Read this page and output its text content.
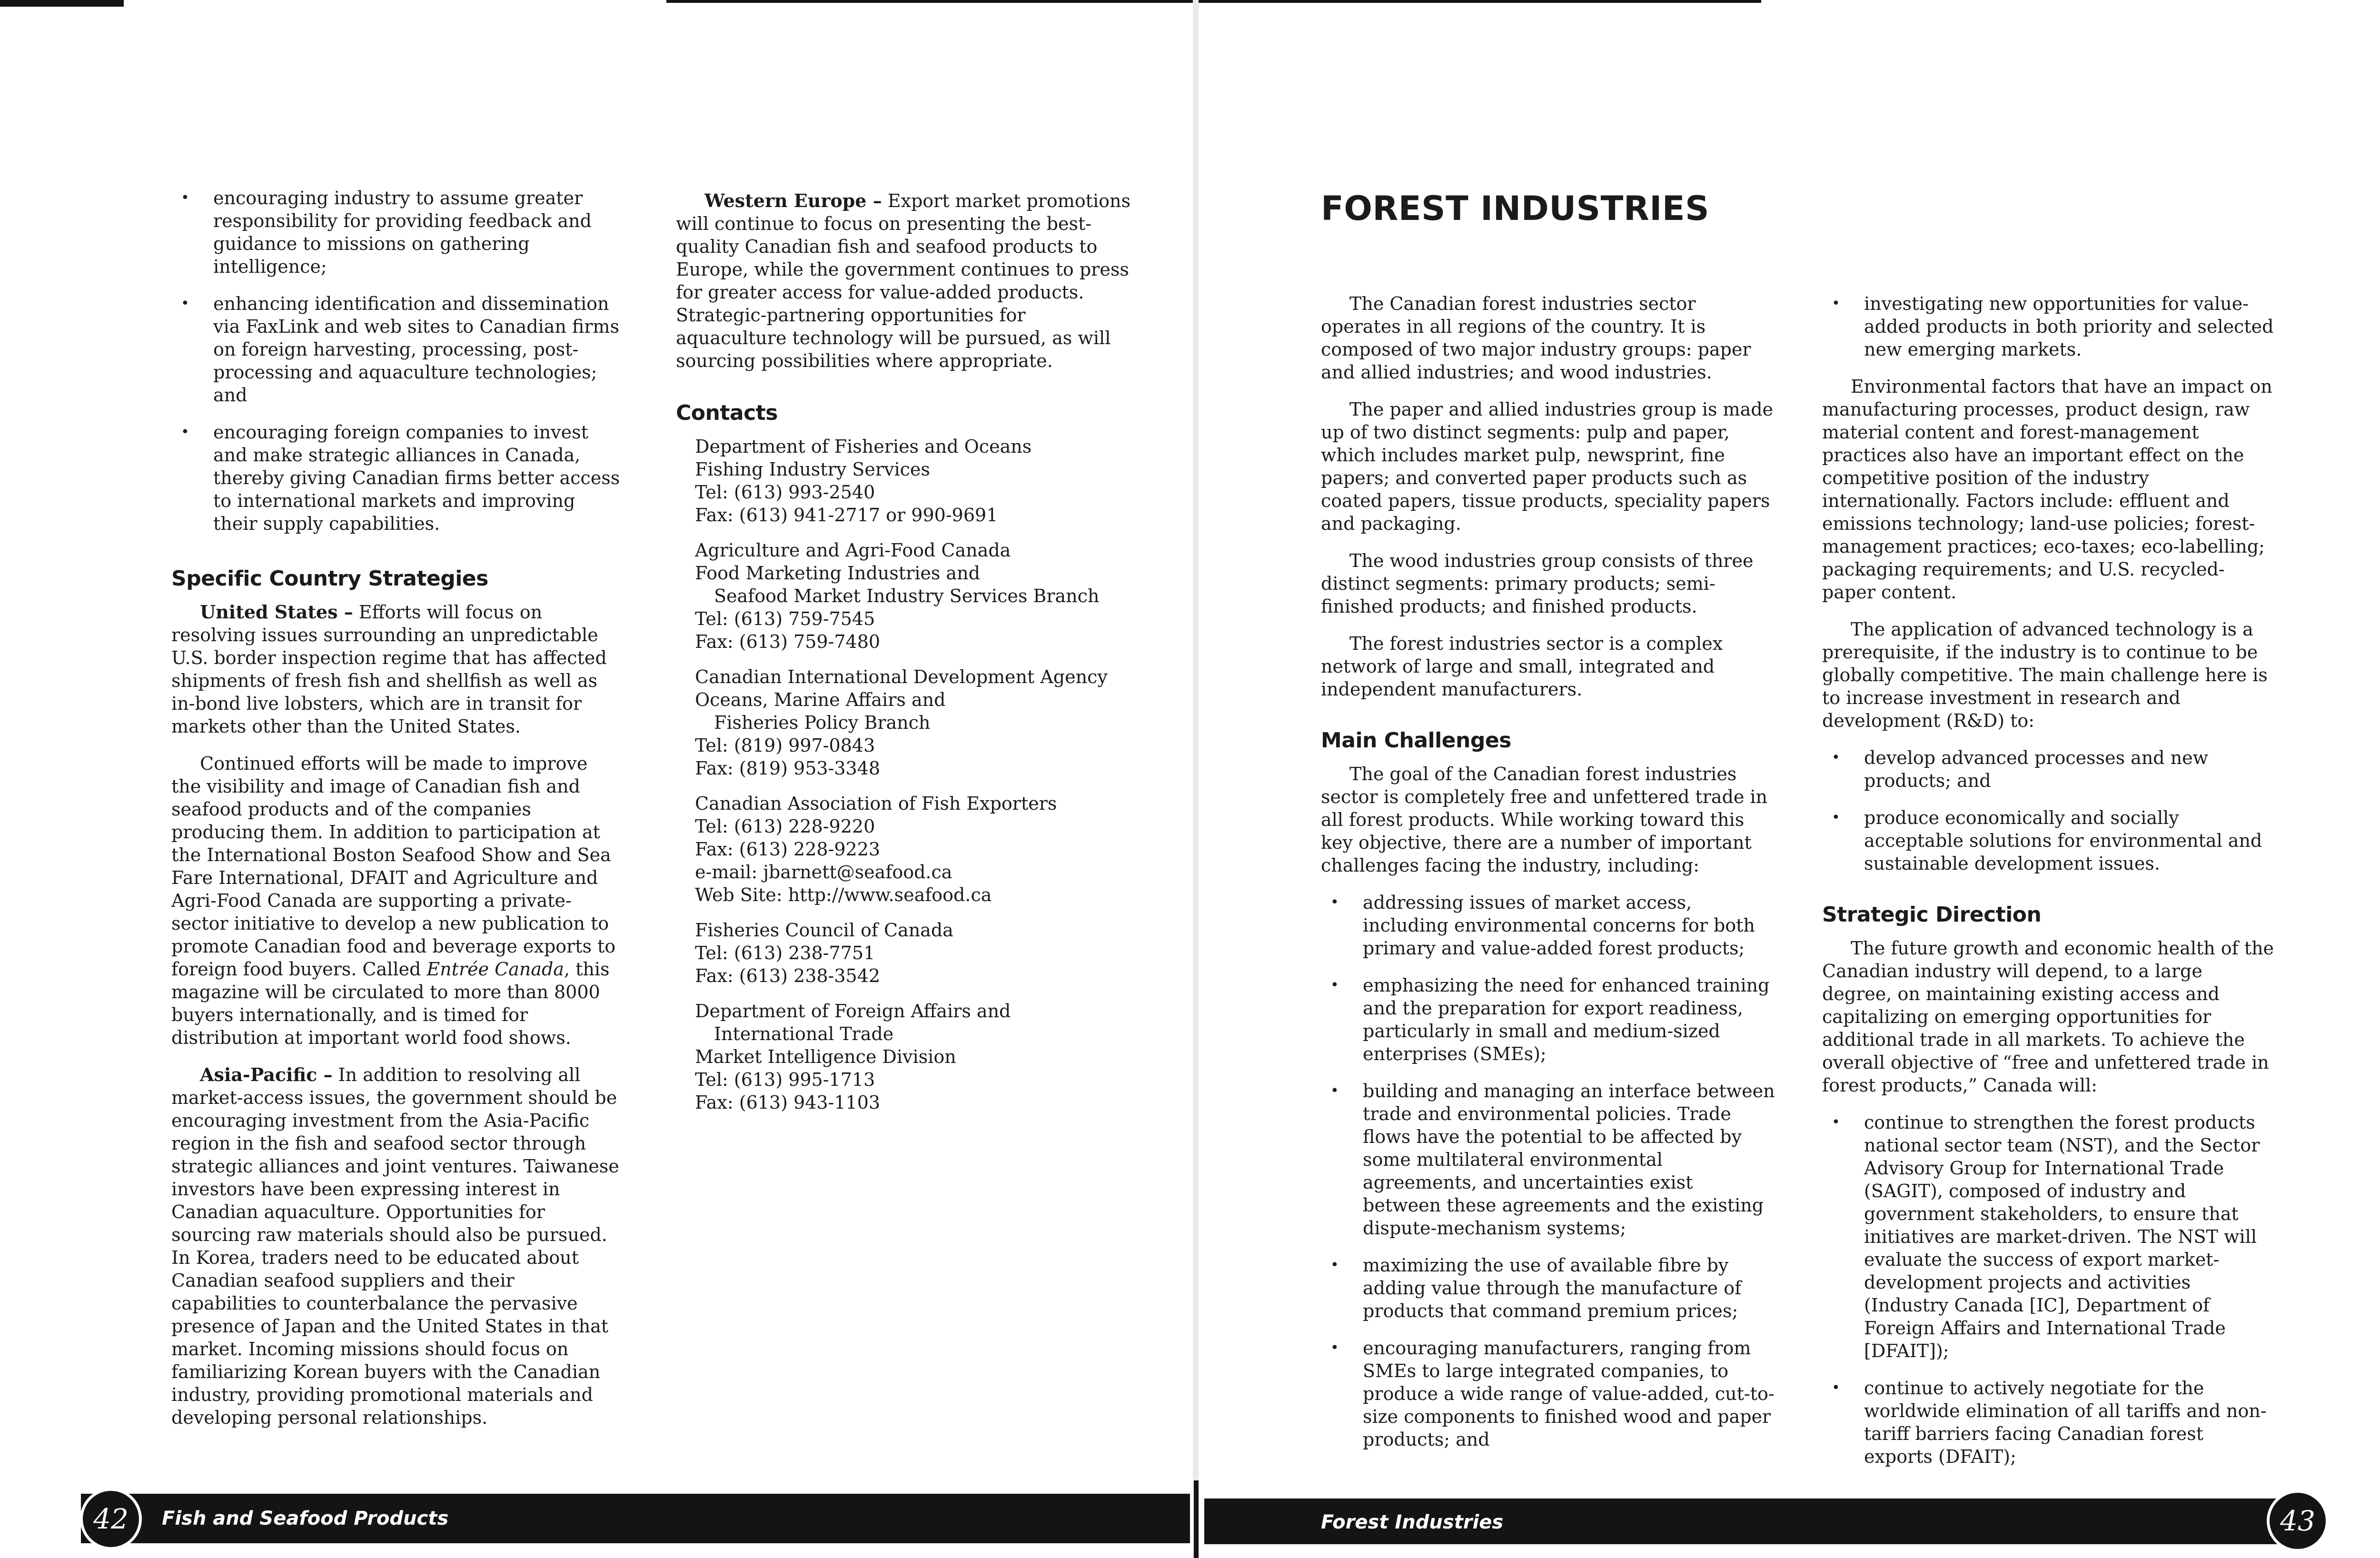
• encouraging industry to assume greater responsibility for providing feedback and guidance to missions on gathering intelligence;
• enhancing identification and dissemination via FaxLink and web sites to Canadian firms on foreign harvesting, processing, post-processing and aquaculture technologies; and
• encouraging foreign companies to invest and make strategic alliances in Canada, thereby giving Canadian firms better access to international markets and improving their supply capabilities.
Specific Country Strategies

United States – Efforts will focus on resolving issues surrounding an unpredictable U.S. border inspection regime that has affected shipments of fresh fish and shellfish as well as in-bond live lobsters, which are in transit for markets other than the United States.

Continued efforts will be made to improve the visibility and image of Canadian fish and seafood products and of the companies producing them. In addition to participation at the International Boston Seafood Show and Sea Fare International, DFAIT and Agriculture and Agri-Food Canada are supporting a private-sector initiative to develop a new publication to promote Canadian food and beverage exports to foreign food buyers. Called Entrée Canada, this magazine will be circulated to more than 8000 buyers internationally, and is timed for distribution at important world food shows.

Asia-Pacific – In addition to resolving all market-access issues, the government should be encouraging investment from the Asia-Pacific region in the fish and seafood sector through strategic alliances and joint ventures. Taiwanese investors have been expressing interest in Canadian aquaculture. Opportunities for sourcing raw materials should also be pursued. In Korea, traders need to be educated about Canadian seafood suppliers and their capabilities to counterbalance the pervasive presence of Japan and the United States in that market. Incoming missions should focus on familiarizing Korean buyers with the Canadian industry, providing promotional materials and developing personal relationships.

Western Europe – Export market promotions will continue to focus on presenting the best-quality Canadian fish and seafood products to Europe, while the government continues to press for greater access for value-added products. Strategic-partnering opportunities for aquaculture technology will be pursued, as will sourcing possibilities where appropriate.

Contacts
Department of Fisheries and Oceans
Fishing Industry Services
Tel: (613) 993-2540
Fax: (613) 941-2717 or 990-9691
Agriculture and Agri-Food Canada
Food Marketing Industries and
Seafood Market Industry Services Branch
Tel: (613) 759-7545
Fax: (613) 759-7480
Canadian International Development Agency
Oceans, Marine Affairs and
Fisheries Policy Branch
Tel: (819) 997-0843
Fax: (819) 953-3348
Canadian Association of Fish Exporters
Tel: (613) 228-9220
Fax: (613) 228-9223
e-mail: jbarnett@seafood.ca
Web Site: http://www.seafood.ca
Fisheries Council of Canada
Tel: (613) 238-7751
Fax: (613) 238-3542
Department of Foreign Affairs and
International Trade
Market Intelligence Division
Tel: (613) 995-1713
Fax: (613) 943-1103
Fish and Seafood Products
42
FOREST INDUSTRIES

The Canadian forest industries sector operates in all regions of the country. It is composed of two major industry groups: paper and allied industries; and wood industries.

The paper and allied industries group is made up of two distinct segments: pulp and paper, which includes market pulp, newsprint, fine papers; and converted paper products such as coated papers, tissue products, speciality papers and packaging.

The wood industries group consists of three distinct segments: primary products; semi-finished products; and finished products.

The forest industries sector is a complex network of large and small, integrated and independent manufacturers.

Main Challenges

The goal of the Canadian forest industries sector is completely free and unfettered trade in all forest products. While working toward this key objective, there are a number of important challenges facing the industry, including:

• addressing issues of market access, including environmental concerns for both primary and value-added forest products;
• emphasizing the need for enhanced training and the preparation for export readiness, particularly in small and medium-sized enterprises (SMEs);
• building and managing an interface between trade and environmental policies. Trade flows have the potential to be affected by some multilateral environmental agreements, and uncertainties exist between these agreements and the existing dispute-mechanism systems;
• maximizing the use of available fibre by adding value through the manufacture of products that command premium prices;
• encouraging manufacturers, ranging from SMEs to large integrated companies, to produce a wide range of value-added, cut-to-size components to finished wood and paper products; and
• investigating new opportunities for value-added products in both priority and selected new emerging markets.

Environmental factors that have an impact on manufacturing processes, product design, raw material content and forest-management practices also have an important effect on the competitive position of the industry internationally. Factors include: effluent and emissions technology; land-use policies; forest-management practices; eco-taxes; eco-labelling; packaging requirements; and U.S. recycled-paper content.

The application of advanced technology is a prerequisite, if the industry is to continue to be globally competitive. The main challenge here is to increase investment in research and development (R&D) to:

• develop advanced processes and new products; and
• produce economically and socially acceptable solutions for environmental and sustainable development issues.
Strategic Direction

The future growth and economic health of the Canadian industry will depend, to a large degree, on maintaining existing access and capitalizing on emerging opportunities for additional trade in all markets. To achieve the overall objective of “free and unfettered trade in forest products,” Canada will:

• continue to strengthen the forest products national sector team (NST), and the Sector Advisory Group for International Trade (SAGIT), composed of industry and government stakeholders, to ensure that initiatives are market-driven. The NST will evaluate the success of export market-development projects and activities (Industry Canada [IC], Department of Foreign Affairs and International Trade [DFAIT]);
• continue to actively negotiate for the worldwide elimination of all tariffs and non-tariff barriers facing Canadian forest exports (DFAIT);
Forest Industries	43
